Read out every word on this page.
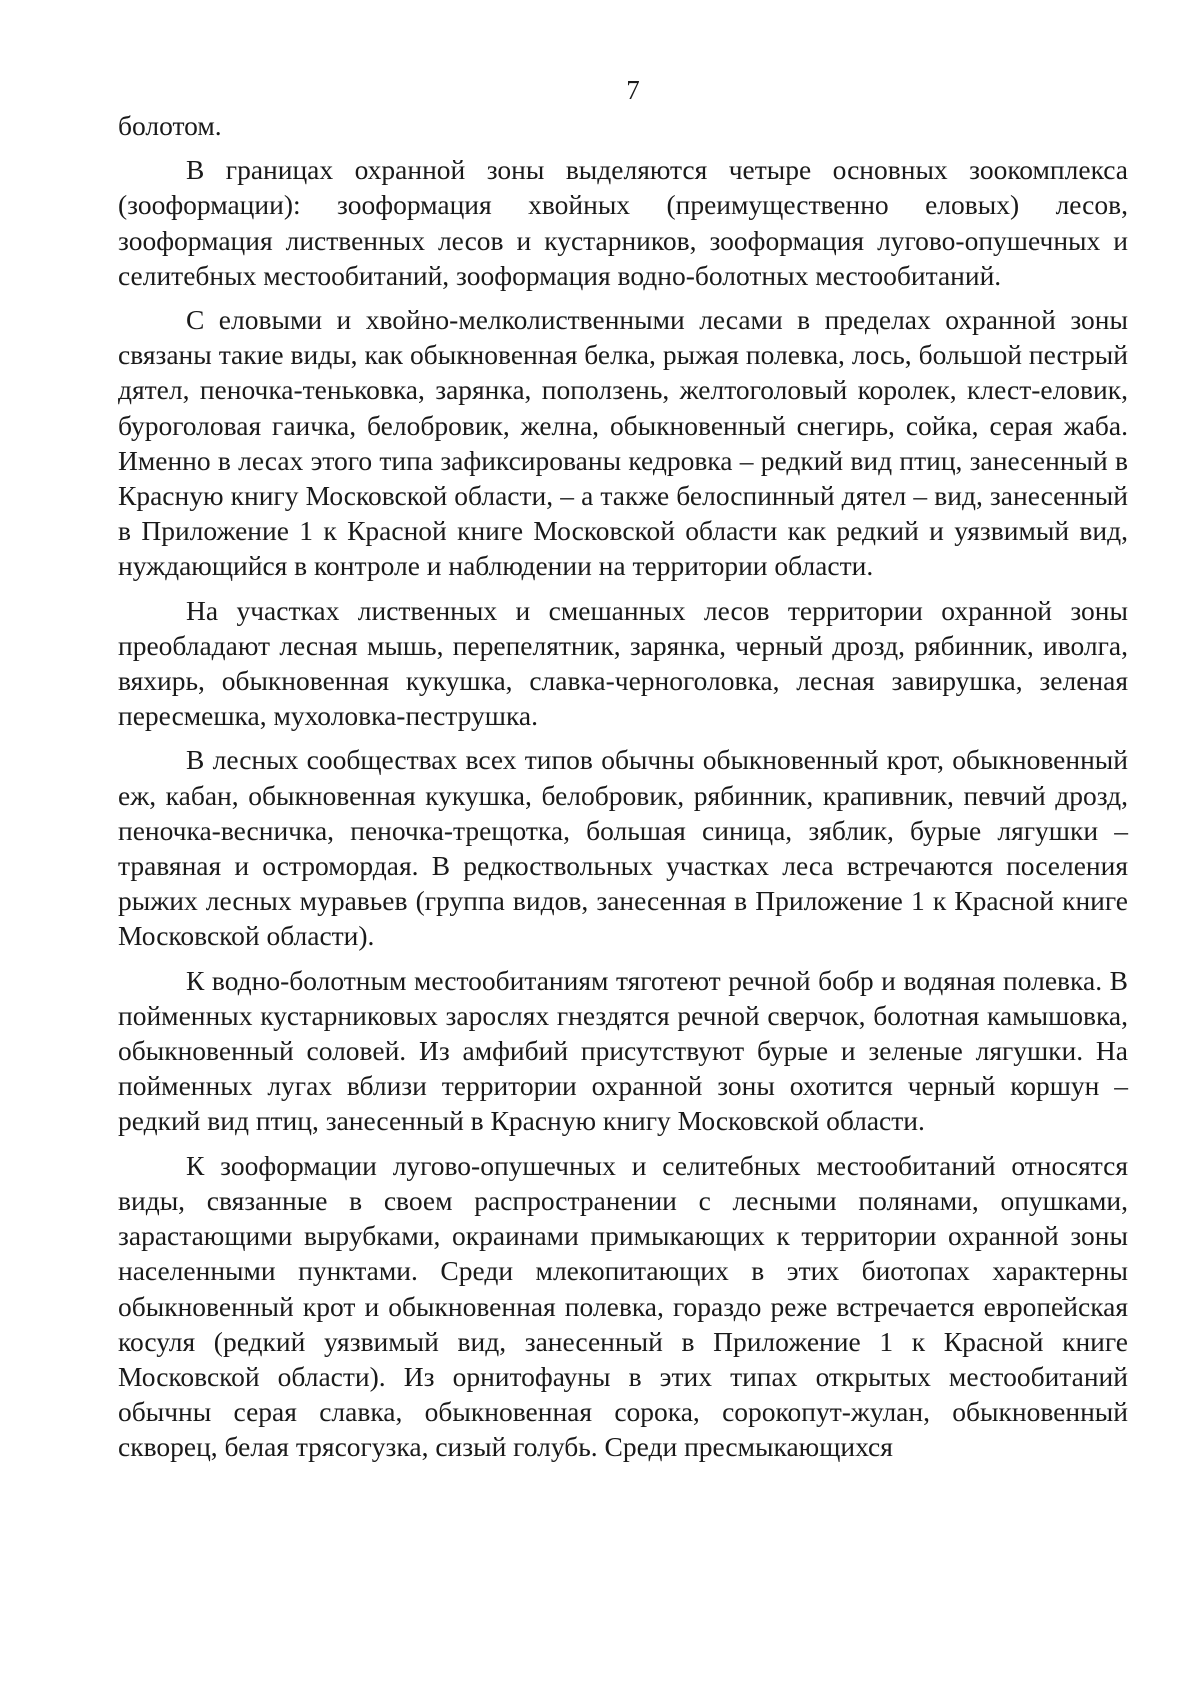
7

болотом.

В границах охранной зоны выделяются четыре основных зоокомплекса (зооформации): зооформация хвойных (преимущественно еловых) лесов, зооформация лиственных лесов и кустарников, зооформация лугово-опушечных и селитебных местообитаний, зооформация водно-болотных местообитаний.

С еловыми и хвойно-мелколиственными лесами в пределах охранной зоны связаны такие виды, как обыкновенная белка, рыжая полевка, лось, большой пестрый дятел, пеночка-теньковка, зарянка, поползень, желтоголовый королек, клест-еловик, буроголовая гаичка, белобровик, желна, обыкновенный снегирь, сойка, серая жаба. Именно в лесах этого типа зафиксированы кедровка – редкий вид птиц, занесенный в Красную книгу Московской области, – а также белоспинный дятел – вид, занесенный в Приложение 1 к Красной книге Московской области как редкий и уязвимый вид, нуждающийся в контроле и наблюдении на территории области.

На участках лиственных и смешанных лесов территории охранной зоны преобладают лесная мышь, перепелятник, зарянка, черный дрозд, рябинник, иволга, вяхирь, обыкновенная кукушка, славка-черноголовка, лесная завирушка, зеленая пересмешка, мухоловка-пеструшка.

В лесных сообществах всех типов обычны обыкновенный крот, обыкновенный еж, кабан, обыкновенная кукушка, белобровик, рябинник, крапивник, певчий дрозд, пеночка-весничка, пеночка-трещотка, большая синица, зяблик, бурые лягушки – травяная и остромордая. В редкоствольных участках леса встречаются поселения рыжих лесных муравьев (группа видов, занесенная в Приложение 1 к Красной книге Московской области).

К водно-болотным местообитаниям тяготеют речной бобр и водяная полевка. В пойменных кустарниковых зарослях гнездятся речной сверчок, болотная камышовка, обыкновенный соловей. Из амфибий присутствуют бурые и зеленые лягушки. На пойменных лугах вблизи территории охранной зоны охотится черный коршун – редкий вид птиц, занесенный в Красную книгу Московской области.

К зооформации лугово-опушечных и селитебных местообитаний относятся виды, связанные в своем распространении с лесными полянами, опушками, зарастающими вырубками, окраинами примыкающих к территории охранной зоны населенными пунктами. Среди млекопитающих в этих биотопах характерны обыкновенный крот и обыкновенная полевка, гораздо реже встречается европейская косуля (редкий уязвимый вид, занесенный в Приложение 1 к Красной книге Московской области). Из орнитофауны в этих типах открытых местообитаний обычны серая славка, обыкновенная сорока, сорокопут-жулан, обыкновенный скворец, белая трясогузка, сизый голубь. Среди пресмыкающихся
